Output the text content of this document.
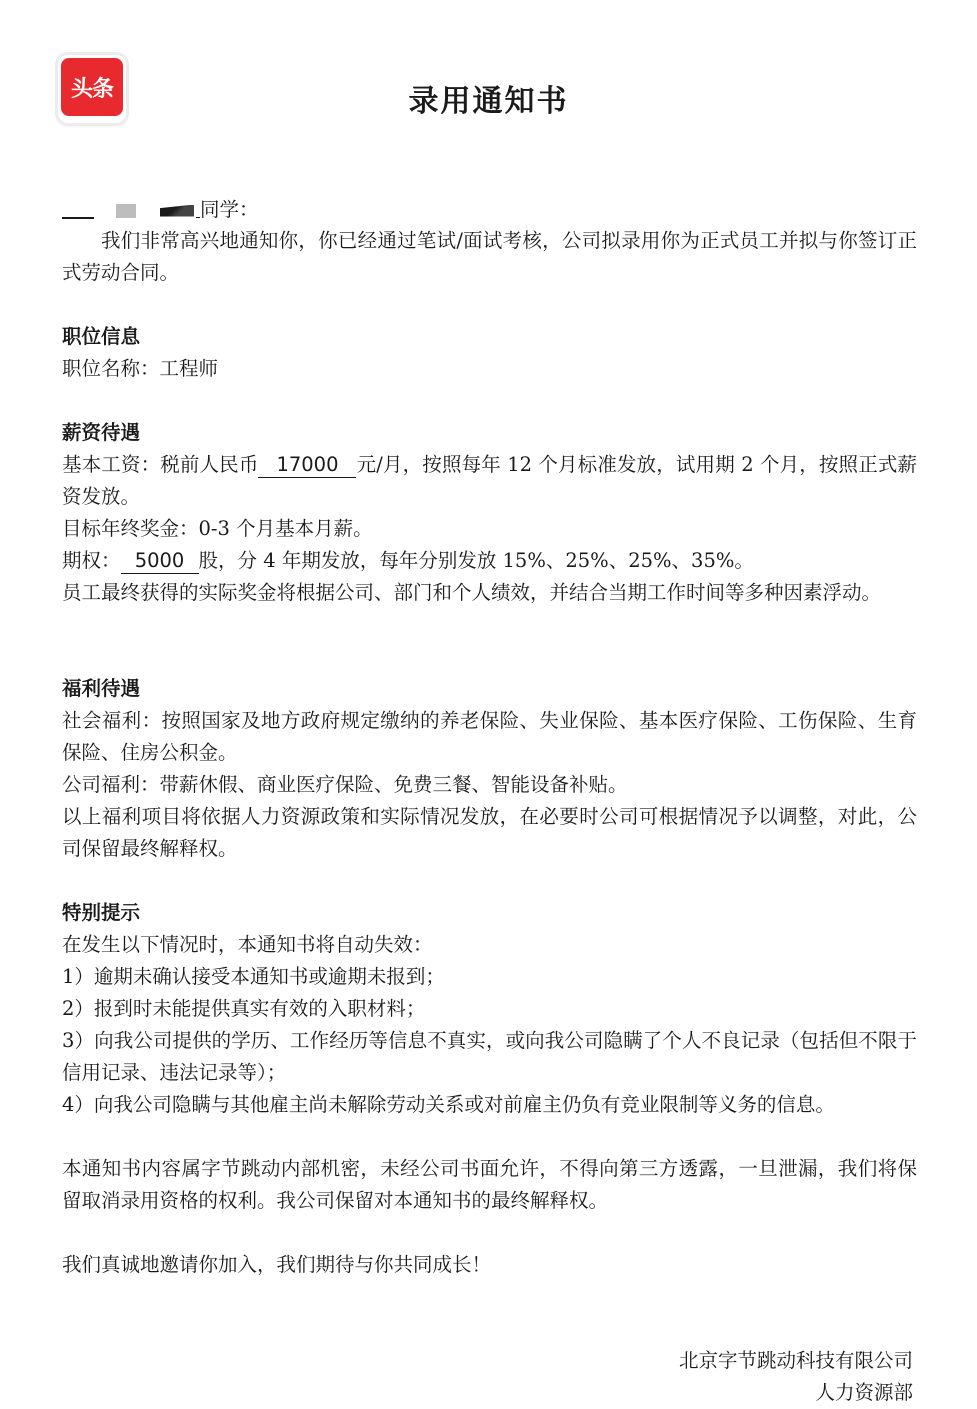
头条	录用通知书
同学：
我们非常高兴地通知你，你已经通过笔试/面试考核，公司拟录用你为正式员工并拟与你签订正式劳动合同。
职位信息
职位名称：工程师
薪资待遇
基本工资：税前人民币 17000 元/月，按照每年 12 个月标准发放，试用期 2 个月，按照正式薪资发放。
目标年终奖金：0-3 个月基本月薪。
期权： 5000 股，分 4 年期发放，每年分别发放 15%、25%、25%、35%。
员工最终获得的实际奖金将根据公司、部门和个人绩效，并结合当期工作时间等多种因素浮动。
福利待遇
社会福利：按照国家及地方政府规定缴纳的养老保险、失业保险、基本医疗保险、工伤保险、生育保险、住房公积金。
公司福利：带薪休假、商业医疗保险、免费三餐、智能设备补贴。
以上福利项目将依据人力资源政策和实际情况发放，在必要时公司可根据情况予以调整，对此，公司保留最终解释权。
特别提示
在发生以下情况时，本通知书将自动失效：
1）逾期未确认接受本通知书或逾期未报到；
2）报到时未能提供真实有效的入职材料；
3）向我公司提供的学历、工作经历等信息不真实，或向我公司隐瞒了个人不良记录（包括但不限于信用记录、违法记录等）；
4）向我公司隐瞒与其他雇主尚未解除劳动关系或对前雇主仍负有竞业限制等义务的信息。
本通知书内容属字节跳动内部机密，未经公司书面允许，不得向第三方透露，一旦泄漏，我们将保留取消录用资格的权利。我公司保留对本通知书的最终解释权。
我们真诚地邀请你加入，我们期待与你共同成长！
北京字节跳动科技有限公司
人力资源部
